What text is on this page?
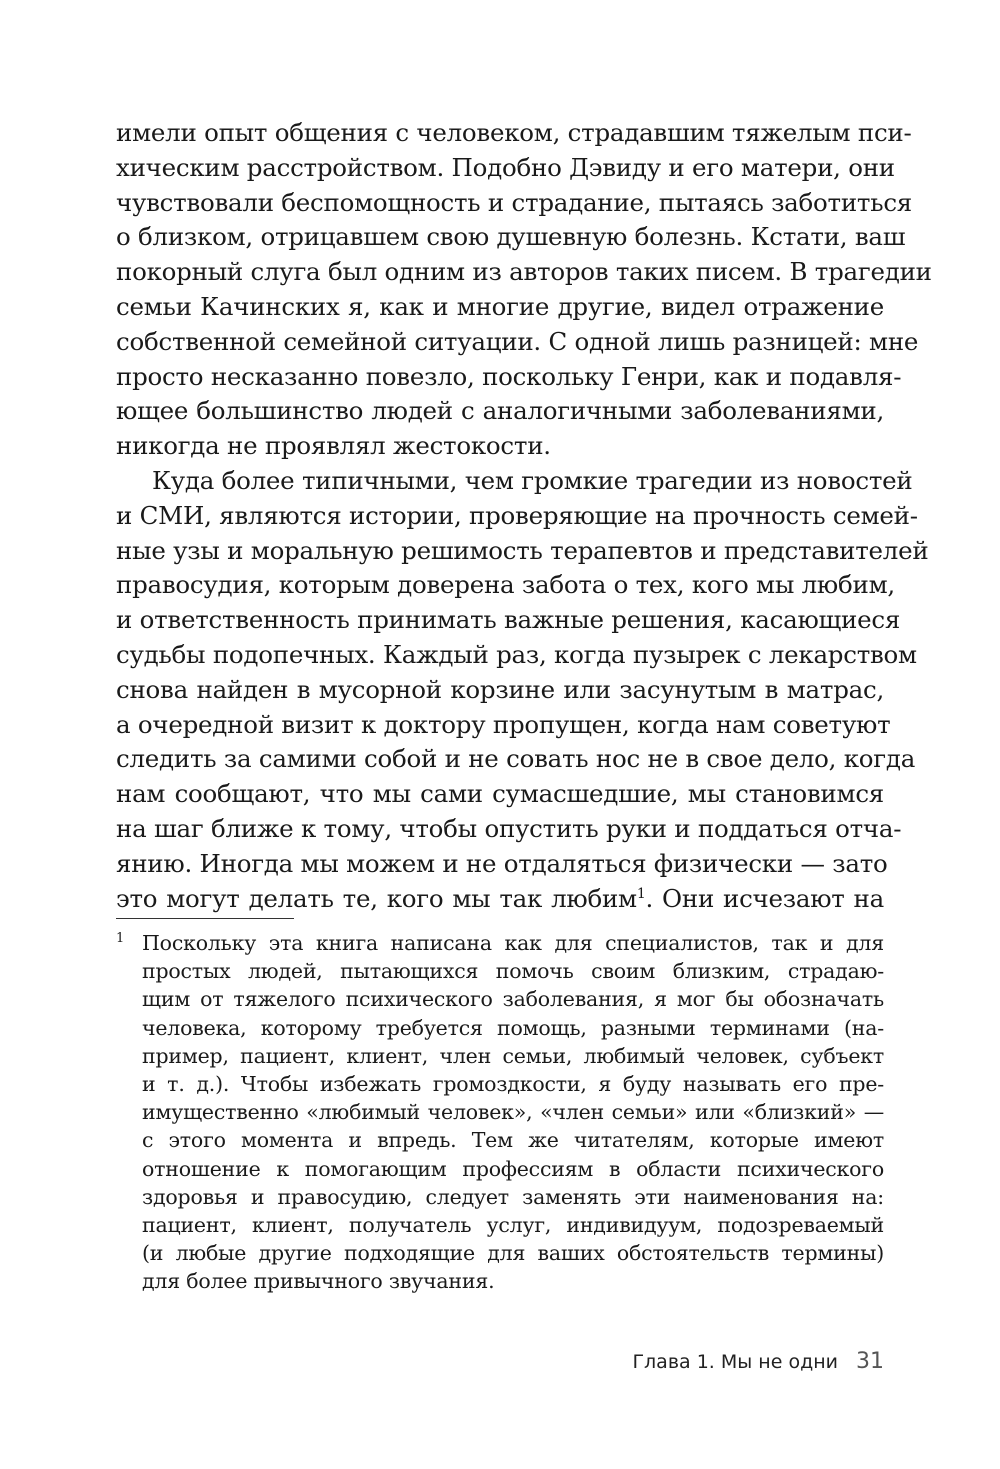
имели опыт общения с человеком, страдавшим тяжелым пси-
хическим расстройством. Подобно Дэвиду и его матери, они
чувствовали беспомощность и страдание, пытаясь заботиться
о близком, отрицавшем свою душевную болезнь. Кстати, ваш
покорный слуга был одним из авторов таких писем. В трагедии
семьи Качинских я, как и многие другие, видел отражение
собственной семейной ситуации. С одной лишь разницей: мне
просто несказанно повезло, поскольку Генри, как и подавля-
ющее большинство людей с аналогичными заболеваниями,
никогда не проявлял жестокости.
Куда более типичными, чем громкие трагедии из новостей
и СМИ, являются истории, проверяющие на прочность семей-
ные узы и моральную решимость терапевтов и представителей
правосудия, которым доверена забота о тех, кого мы любим,
и ответственность принимать важные решения, касающиеся
судьбы подопечных. Каждый раз, когда пузырек с лекарством
снова найден в мусорной корзине или засунутым в матрас,
а очередной визит к доктору пропущен, когда нам советуют
следить за самими собой и не совать нос не в свое дело, когда
нам сообщают, что мы сами сумасшедшие, мы становимся
на шаг ближе к тому, чтобы опустить руки и поддаться отча-
янию. Иногда мы можем и не отдаляться физически — зато
это могут делать те, кого мы так любим$^1$. Они исчезают на
1 Поскольку эта книга написана как для специалистов, так и для
простых людей, пытающихся помочь своим близким, страдаю-
щим от тяжелого психического заболевания, я мог бы обозначать
человека, которому требуется помощь, разными терминами (на-
пример, пациент, клиент, член семьи, любимый человек, субъект
и т. д.). Чтобы избежать громоздкости, я буду называть его пре-
имущественно «любимый человек», «член семьи» или «близкий» —
с этого момента и впредь. Тем же читателям, которые имеют
отношение к помогающим профессиям в области психического
здоровья и правосудию, следует заменять эти наименования на:
пациент, клиент, получатель услуг, индивидуум, подозреваемый
(и любые другие подходящие для ваших обстоятельств термины)
для более привычного звучания.
Глава 1. Мы не одни 31
